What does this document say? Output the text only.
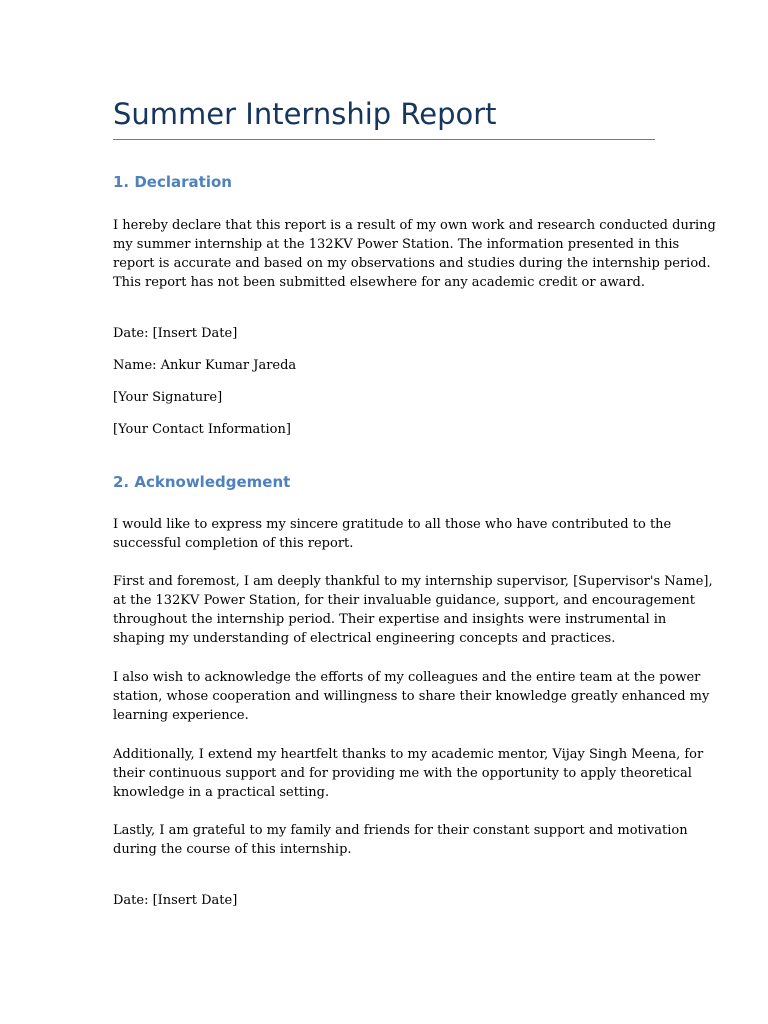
Summer Internship Report
1. Declaration

I hereby declare that this report is a result of my own work and research conducted during
my summer internship at the 132KV Power Station. The information presented in this
report is accurate and based on my observations and studies during the internship period.
This report has not been submitted elsewhere for any academic credit or award.

Date: [Insert Date]

Name: Ankur Kumar Jareda

[Your Signature]

[Your Contact Information]

2. Acknowledgement

I would like to express my sincere gratitude to all those who have contributed to the
successful completion of this report.

First and foremost, I am deeply thankful to my internship supervisor, [Supervisor's Name],
at the 132KV Power Station, for their invaluable guidance, support, and encouragement
throughout the internship period. Their expertise and insights were instrumental in
shaping my understanding of electrical engineering concepts and practices.

I also wish to acknowledge the efforts of my colleagues and the entire team at the power
station, whose cooperation and willingness to share their knowledge greatly enhanced my
learning experience.

Additionally, I extend my heartfelt thanks to my academic mentor, Vijay Singh Meena, for
their continuous support and for providing me with the opportunity to apply theoretical
knowledge in a practical setting.

Lastly, I am grateful to my family and friends for their constant support and motivation
during the course of this internship.

Date: [Insert Date]
